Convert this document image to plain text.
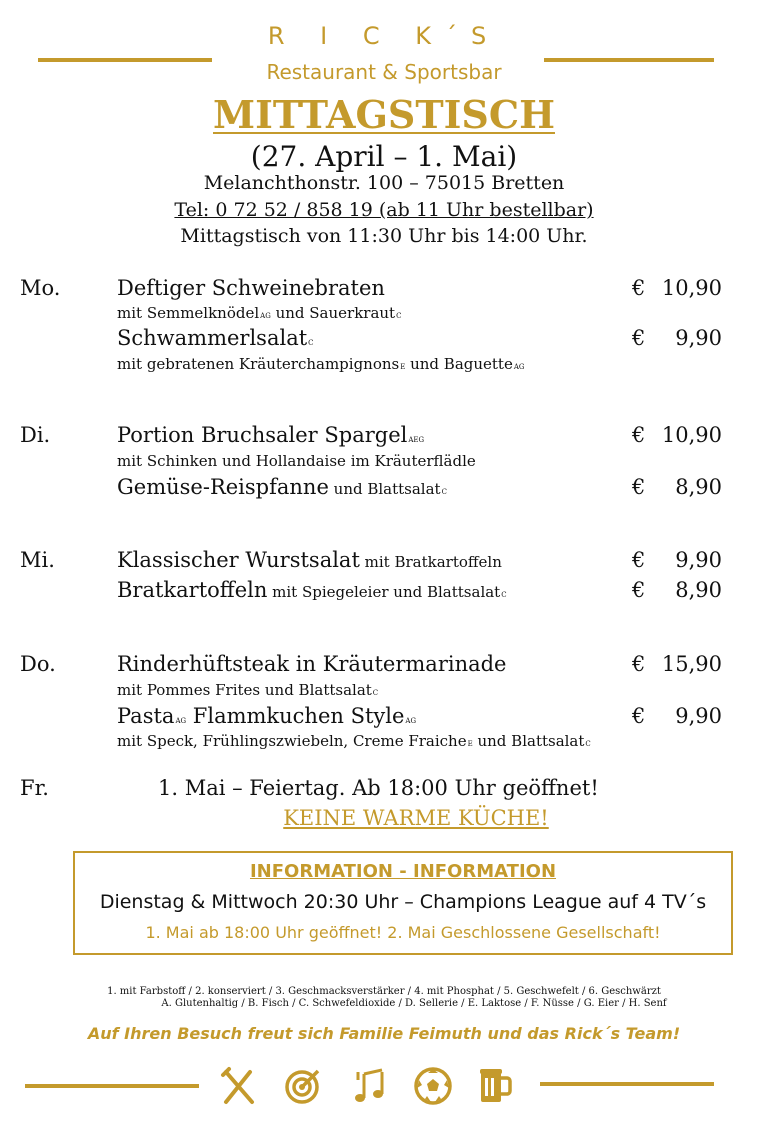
R I C K´S
Restaurant & Sportsbar
MITTAGSTISCH
(27. April – 1. Mai)
Melanchthonstr. 100 – 75015 Bretten
Tel: 0 72 52 / 858 19 (ab 11 Uhr bestellbar)
Mittagstisch von 11:30 Uhr bis 14:00 Uhr.
Mo.	Deftiger Schweinebraten	€ 10,90
mit SemmelknödelAG und SauerkrautC
SchwammerlsalatC	€ 9,90
mit gebratenen KräuterchampignonsE und BaguetteAG
Di.	Portion Bruchsaler SpargelAEG	€ 10,90
mit Schinken und Hollandaise im Kräuterflädle
Gemüse-Reispfanne und BlattsalatC	€ 8,90
Mi.	Klassischer Wurstsalat mit Bratkartoffeln	€ 9,90
Bratkartoffeln mit Spiegeleier und BlattsalatC	€ 8,90
Do.	Rinderhüftsteak in Kräutermarinade	€ 15,90
mit Pommes Frites und BlattsalatC
PastaAG Flammkuchen StyleAG	€ 9,90
mit Speck, Frühlingszwiebeln, Creme FraicheE und BlattsalatC
Fr.	1. Mai – Feiertag. Ab 18:00 Uhr geöffnet!
KEINE WARME KÜCHE!
INFORMATION - INFORMATION
Dienstag & Mittwoch 20:30 Uhr – Champions League auf 4 TV´s
1. Mai ab 18:00 Uhr geöffnet! 2. Mai Geschlossene Gesellschaft!
1. mit Farbstoff / 2. konserviert / 3. Geschmacksverstärker / 4. mit Phosphat / 5. Geschwefelt / 6. Geschwärzt
A. Glutenhaltig / B. Fisch / C. Schwefeldioxide / D. Sellerie / E. Laktose / F. Nüsse / G. Eier / H. Senf
Auf Ihren Besuch freut sich Familie Feimuth und das Rick´s Team!
